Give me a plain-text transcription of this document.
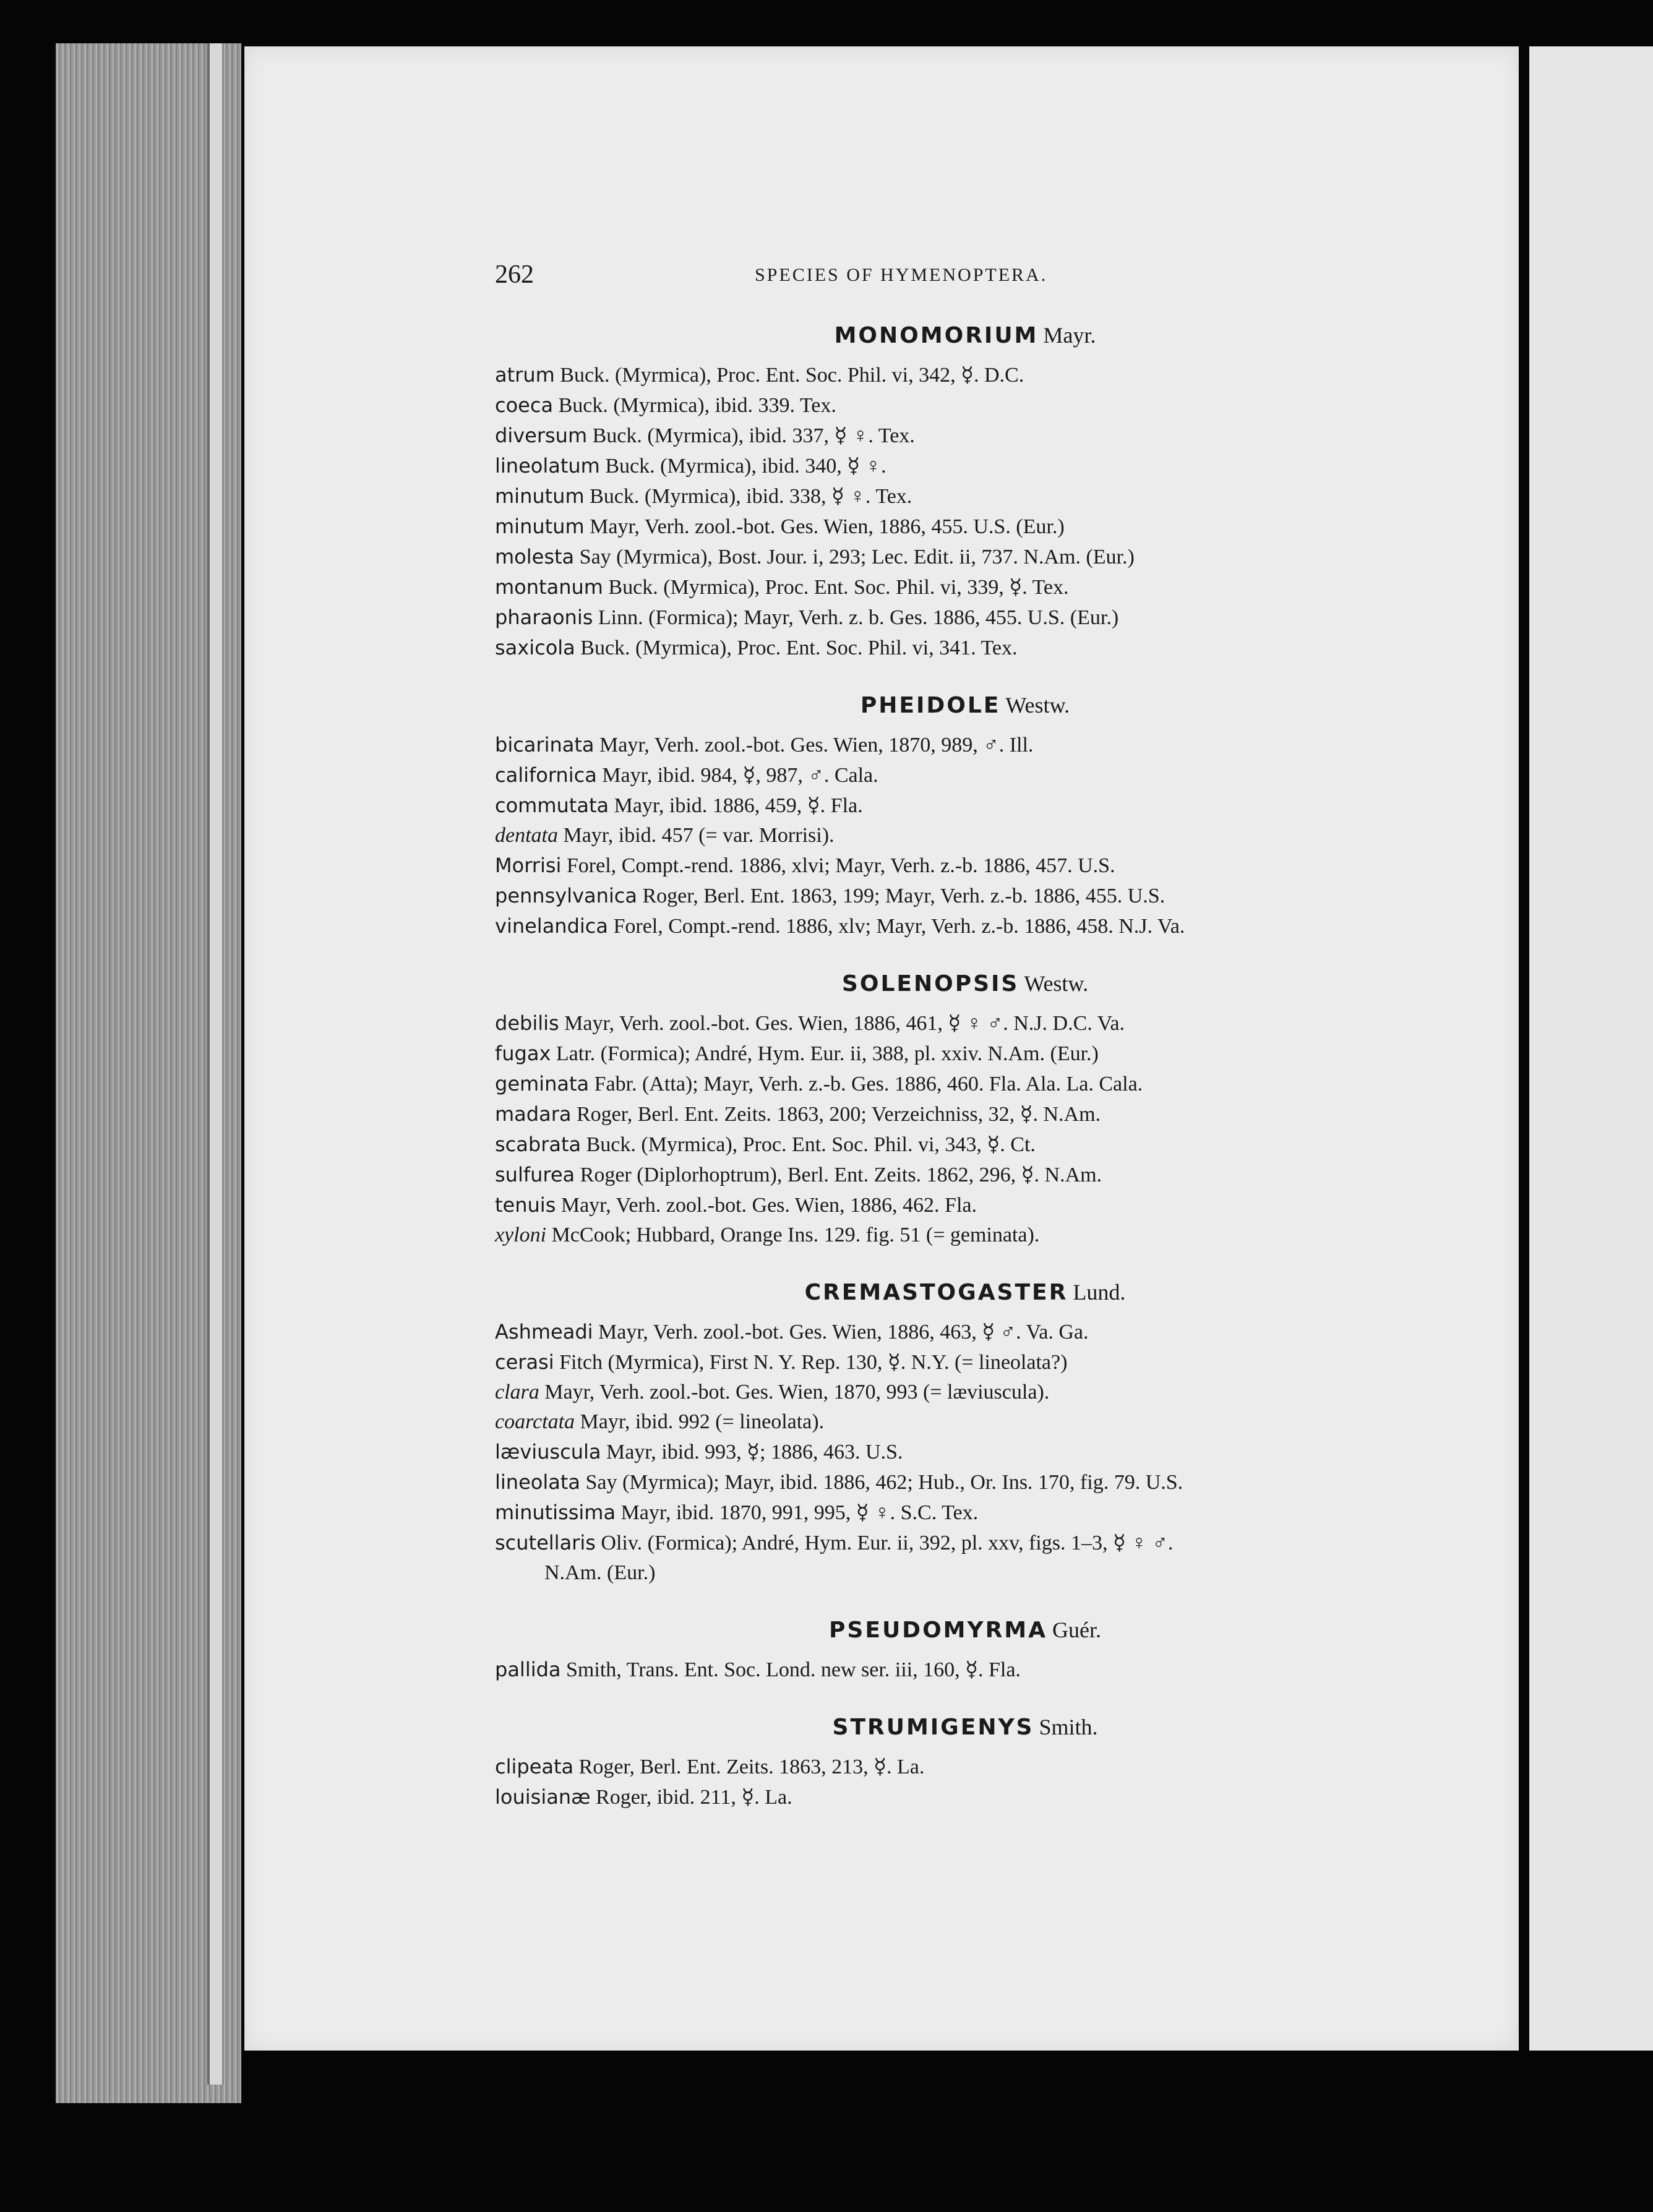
262	SPECIES OF HYMENOPTERA.
MONOMORIUM Mayr.
atrum Buck. (Myrmica), Proc. Ent. Soc. Phil. vi, 342, ☿. D.C.
coeca Buck. (Myrmica), ibid. 339. Tex.
diversum Buck. (Myrmica), ibid. 337, ☿ ♀. Tex.
lineolatum Buck. (Myrmica), ibid. 340, ☿ ♀.
minutum Buck. (Myrmica), ibid. 338, ☿ ♀. Tex.
minutum Mayr, Verh. zool.-bot. Ges. Wien, 1886, 455. U.S. (Eur.)
molesta Say (Myrmica), Bost. Jour. i, 293; Lec. Edit. ii, 737. N.Am. (Eur.)
montanum Buck. (Myrmica), Proc. Ent. Soc. Phil. vi, 339, ☿. Tex.
pharaonis Linn. (Formica); Mayr, Verh. z. b. Ges. 1886, 455. U.S. (Eur.)
saxicola Buck. (Myrmica), Proc. Ent. Soc. Phil. vi, 341. Tex.
PHEIDOLE Westw.
bicarinata Mayr, Verh. zool.-bot. Ges. Wien, 1870, 989, ♂. Ill.
californica Mayr, ibid. 984, ☿, 987, ♂. Cala.
commutata Mayr, ibid. 1886, 459, ☿. Fla.
dentata Mayr, ibid. 457 (= var. Morrisi).
Morrisi Forel, Compt.-rend. 1886, xlvi; Mayr, Verh. z.-b. 1886, 457. U.S.
pennsylvanica Roger, Berl. Ent. 1863, 199; Mayr, Verh. z.-b. 1886, 455. U.S.
vinelandica Forel, Compt.-rend. 1886, xlv; Mayr, Verh. z.-b. 1886, 458. N.J. Va.
SOLENOPSIS Westw.
debilis Mayr, Verh. zool.-bot. Ges. Wien, 1886, 461, ☿ ♀ ♂. N.J. D.C. Va.
fugax Latr. (Formica); André, Hym. Eur. ii, 388, pl. xxiv. N.Am. (Eur.)
geminata Fabr. (Atta); Mayr, Verh. z.-b. Ges. 1886, 460. Fla. Ala. La. Cala.
madara Roger, Berl. Ent. Zeits. 1863, 200; Verzeichniss, 32, ☿. N.Am.
scabrata Buck. (Myrmica), Proc. Ent. Soc. Phil. vi, 343, ☿. Ct.
sulfurea Roger (Diplorhoptrum), Berl. Ent. Zeits. 1862, 296, ☿. N.Am.
tenuis Mayr, Verh. zool.-bot. Ges. Wien, 1886, 462. Fla.
xyloni McCook; Hubbard, Orange Ins. 129. fig. 51 (= geminata).
CREMASTOGASTER Lund.
Ashmeadi Mayr, Verh. zool.-bot. Ges. Wien, 1886, 463, ☿ ♂. Va. Ga.
cerasi Fitch (Myrmica), First N. Y. Rep. 130, ☿. N.Y. (= lineolata?)
clara Mayr, Verh. zool.-bot. Ges. Wien, 1870, 993 (= læviuscula).
coarctata Mayr, ibid. 992 (= lineolata).
læviuscula Mayr, ibid. 993, ☿; 1886, 463. U.S.
lineolata Say (Myrmica); Mayr, ibid. 1886, 462; Hub., Or. Ins. 170, fig. 79. U.S.
minutissima Mayr, ibid. 1870, 991, 995, ☿ ♀. S.C. Tex.
scutellaris Oliv. (Formica); André, Hym. Eur. ii, 392, pl. xxv, figs. 1–3, ☿ ♀ ♂.
N.Am. (Eur.)
PSEUDOMYRMA Guér.
pallida Smith, Trans. Ent. Soc. Lond. new ser. iii, 160, ☿. Fla.
STRUMIGENYS Smith.
clipeata Roger, Berl. Ent. Zeits. 1863, 213, ☿. La.
louisianæ Roger, ibid. 211, ☿. La.
